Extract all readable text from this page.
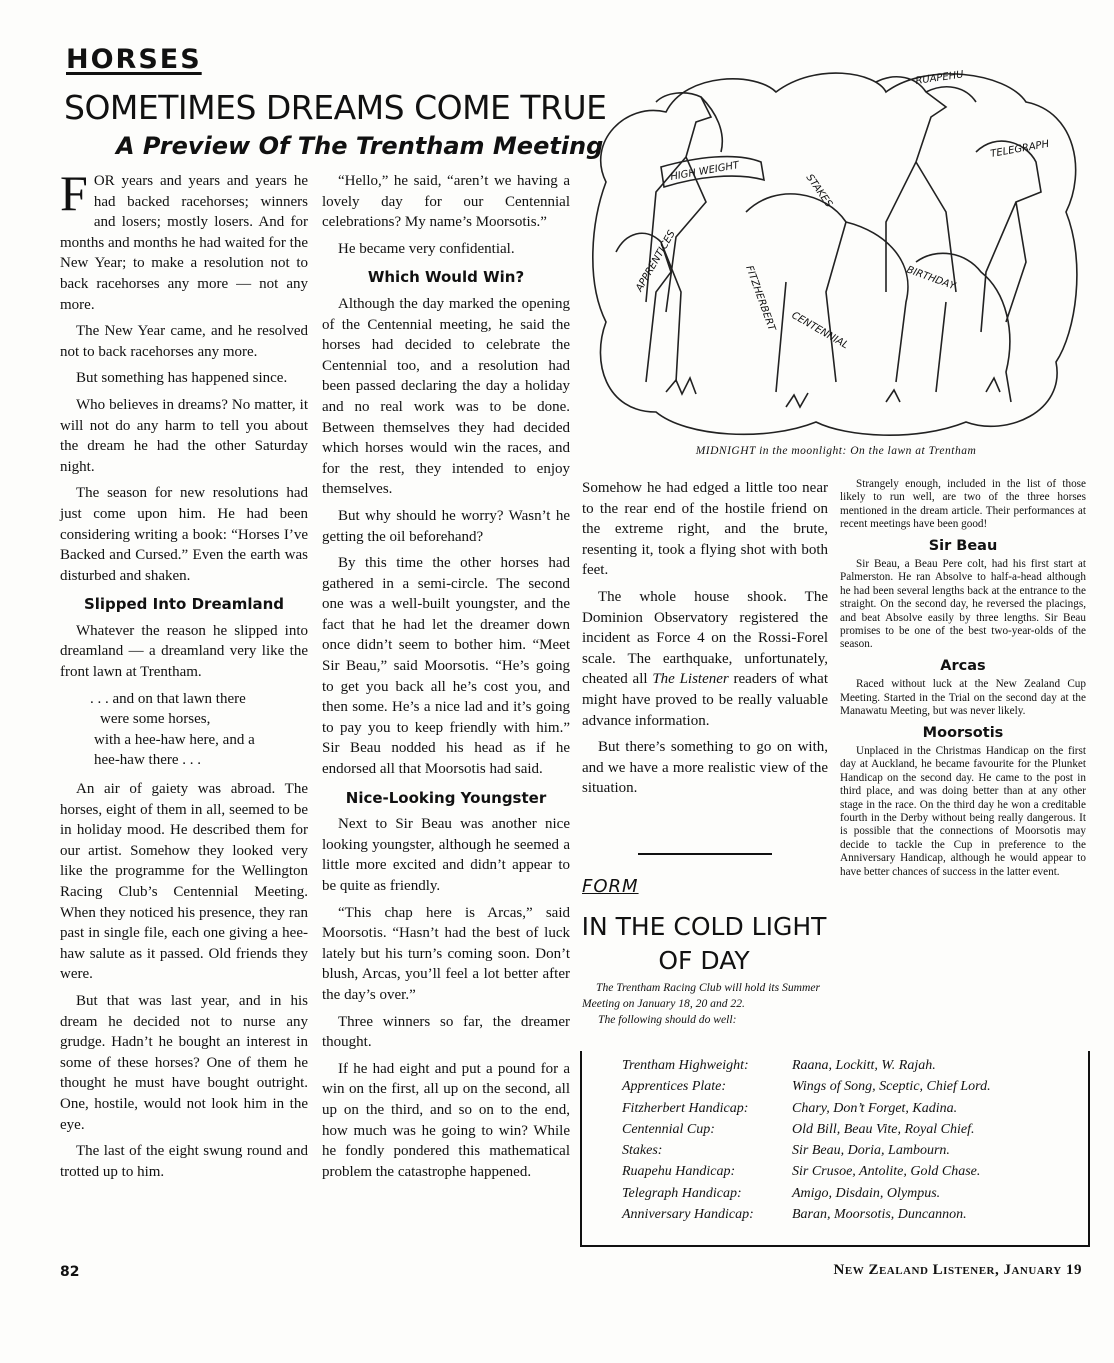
HORSES
SOMETIMES DREAMS COME TRUE
A Preview Of The Trentham Meeting

FOR years and years and years he had backed racehorses; winners and losers; mostly losers. And for months and months he had waited for the New Year; to make a resolution not to back racehorses any more — not any more.

The New Year came, and he resolved not to back racehorses any more.

But something has happened since.

Who believes in dreams? No matter, it will not do any harm to tell you about the dream he had the other Saturday night.

The season for new resolutions had just come upon him. He had been considering writing a book: “Horses I’ve Backed and Cursed.” Even the earth was disturbed and shaken.

Slipped Into Dreamland

Whatever the reason he slipped into dreamland — a dreamland very like the front lawn at Trentham.

. . . and on that lawn there
were some horses,
with a hee-haw here, and a
hee-haw there . . .

An air of gaiety was abroad. The horses, eight of them in all, seemed to be in holiday mood. He described them for our artist. Somehow they looked very like the programme for the Wellington Racing Club’s Centennial Meeting. When they noticed his presence, they ran past in single file, each one giving a hee-haw salute as it passed. Old friends they were.

But that was last year, and in his dream he decided not to nurse any grudge. Hadn’t he bought an interest in some of these horses? One of them he thought he must have bought outright. One, hostile, would not look him in the eye.

The last of the eight swung round and trotted up to him.

“Hello,” he said, “aren’t we having a lovely day for our Centennial celebrations? My name’s Moorsotis.”

He became very confidential.

Which Would Win?

Although the day marked the opening of the Centennial meeting, he said the horses had decided to celebrate the Centennial too, and a resolution had been passed declaring the day a holiday and no real work was to be done. Between themselves they had decided which horses would win the races, and for the rest, they intended to enjoy themselves.

But why should he worry? Wasn’t he getting the oil beforehand?

By this time the other horses had gathered in a semi-circle. The second one was a well-built youngster, and the fact that he had let the dreamer down once didn’t seem to bother him. “Meet Sir Beau,” said Moorsotis. “He’s going to get you back all he’s cost you, and then some. He’s a nice lad and it’s going to pay you to keep friendly with him.” Sir Beau nodded his head as if he endorsed all that Moorsotis had said.

Nice-Looking Youngster

Next to Sir Beau was another nice looking youngster, although he seemed a little more excited and didn’t appear to be quite as friendly.

“This chap here is Arcas,” said Moorsotis. “Hasn’t had the best of luck lately but his turn’s coming soon. Don’t blush, Arcas, you’ll feel a lot better after the day’s over.”

Three winners so far, the dreamer thought.

If he had eight and put a pound for a win on the first, all up on the second, all up on the third, and so on to the end, how much was he going to win? While he fondly pondered this mathematical problem the catastrophe happened.

RUAPEHU
TELEGRAPH
HIGH WEIGHT
STAKES
APPRENTICES
FITZHERBERT CENTENNIAL
BIRTHDAY
MIDNIGHT in the moonlight: On the lawn at Trentham

Somehow he had edged a little too near to the rear end of the hostile friend on the extreme right, and the brute, resenting it, took a flying shot with both feet.

The whole house shook. The Dominion Observatory registered the incident as Force 4 on the Rossi-Forel scale. The earthquake, unfortunately, cheated all The Listener readers of what might have proved to be really valuable advance information.

But there’s something to go on with, and we have a more realistic view of the situation.

Strangely enough, included in the list of those likely to run well, are two of the three horses mentioned in the dream article. Their performances at recent meetings have been good!

Sir Beau

Sir Beau, a Beau Pere colt, had his first start at Palmerston. He ran Absolve to half-a-head although he had been several lengths back at the entrance to the straight. On the second day, he reversed the placings, and beat Absolve easily by three lengths. Sir Beau promises to be one of the best two-year-olds of the season.

Arcas

Raced without luck at the New Zealand Cup Meeting. Started in the Trial on the second day at the Manawatu Meeting, but was never likely.

Moorsotis

Unplaced in the Christmas Handicap on the first day at Auckland, he became favourite for the Plunket Handicap on the second day. He came to the post in third place, and was doing better than at any other stage in the race. On the third day he won a creditable fourth in the Derby without being really dangerous. It is possible that the connections of Moorsotis may decide to tackle the Cup in preference to the Anniversary Handicap, although he would appear to have better chances of success in the latter event.

FORM
IN THE COLD LIGHT
OF DAY
The Trentham Racing Club will hold its Summer Meeting on January 18, 20 and 22.
The following should do well:
Trentham Highweight:	Raana, Lockitt, W. Rajah.
Apprentices Plate:	Wings of Song, Sceptic, Chief Lord.
Fitzherbert Handicap:	Chary, Don’t Forget, Kadina.
Centennial Cup:	Old Bill, Beau Vite, Royal Chief.
Stakes:	Sir Beau, Doria, Lambourn.
Ruapehu Handicap:	Sir Crusoe, Antolite, Gold Chase.
Telegraph Handicap:	Amigo, Disdain, Olympus.
Anniversary Handicap:	Baran, Moorsotis, Duncannon.
82	New Zealand Listener, January 19
